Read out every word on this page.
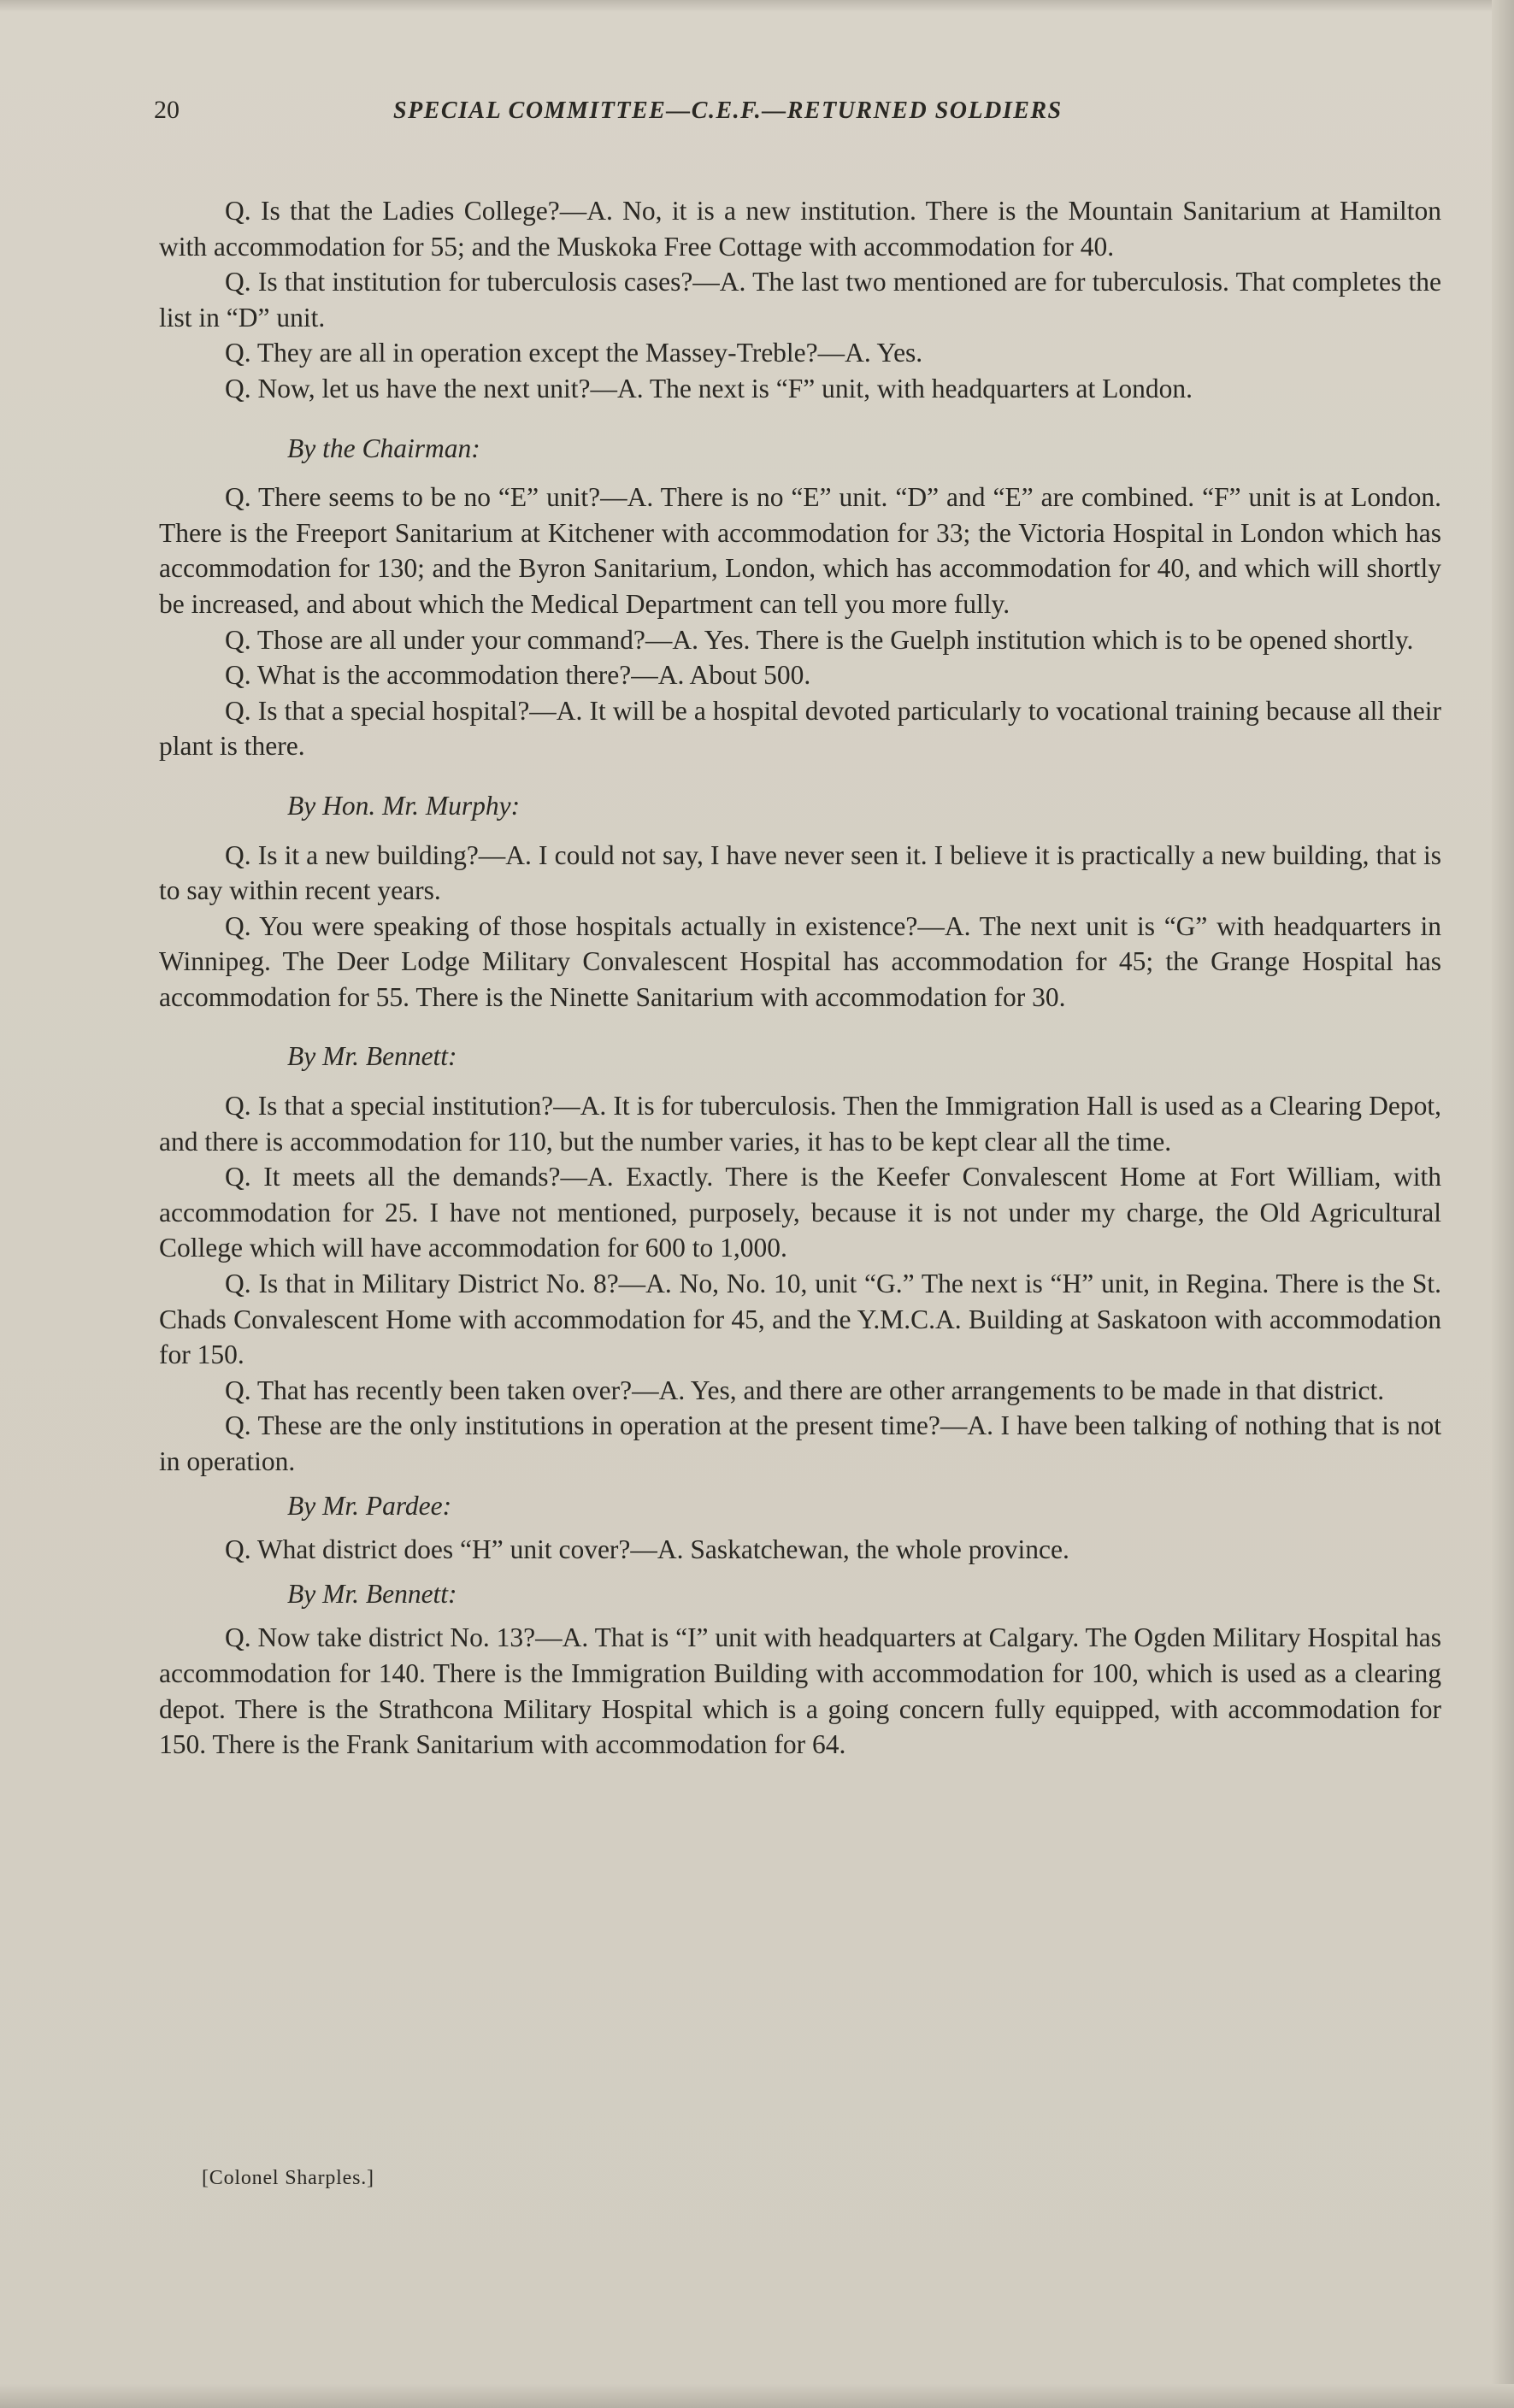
20	SPECIAL COMMITTEE—C.E.F.—RETURNED SOLDIERS

Q. Is that the Ladies College?—A. No, it is a new institution. There is the Mountain Sanitarium at Hamilton with accommodation for 55; and the Muskoka Free Cottage with accommodation for 40.

Q. Is that institution for tuberculosis cases?—A. The last two mentioned are for tuberculosis. That completes the list in “D” unit.

Q. They are all in operation except the Massey-Treble?—A. Yes.

Q. Now, let us have the next unit?—A. The next is “F” unit, with headquarters at London.

By the Chairman:

Q. There seems to be no “E” unit?—A. There is no “E” unit. “D” and “E” are combined. “F” unit is at London. There is the Freeport Sanitarium at Kitchener with accommodation for 33; the Victoria Hospital in London which has accommodation for 130; and the Byron Sanitarium, London, which has accommodation for 40, and which will shortly be increased, and about which the Medical Department can tell you more fully.

Q. Those are all under your command?—A. Yes. There is the Guelph institution which is to be opened shortly.

Q. What is the accommodation there?—A. About 500.

Q. Is that a special hospital?—A. It will be a hospital devoted particularly to vocational training because all their plant is there.

By Hon. Mr. Murphy:

Q. Is it a new building?—A. I could not say, I have never seen it. I believe it is practically a new building, that is to say within recent years.

Q. You were speaking of those hospitals actually in existence?—A. The next unit is “G” with headquarters in Winnipeg. The Deer Lodge Military Convalescent Hospital has accommodation for 45; the Grange Hospital has accommodation for 55. There is the Ninette Sanitarium with accommodation for 30.

By Mr. Bennett:

Q. Is that a special institution?—A. It is for tuberculosis. Then the Immigration Hall is used as a Clearing Depot, and there is accommodation for 110, but the number varies, it has to be kept clear all the time.

Q. It meets all the demands?—A. Exactly. There is the Keefer Convalescent Home at Fort William, with accommodation for 25. I have not mentioned, purposely, because it is not under my charge, the Old Agricultural College which will have accommodation for 600 to 1,000.

Q. Is that in Military District No. 8?—A. No, No. 10, unit “G.” The next is “H” unit, in Regina. There is the St. Chads Convalescent Home with accommodation for 45, and the Y.M.C.A. Building at Saskatoon with accommodation for 150.

Q. That has recently been taken over?—A. Yes, and there are other arrangements to be made in that district.

Q. These are the only institutions in operation at the present time?—A. I have been talking of nothing that is not in operation.

By Mr. Pardee:

Q. What district does “H” unit cover?—A. Saskatchewan, the whole province.

By Mr. Bennett:

Q. Now take district No. 13?—A. That is “I” unit with headquarters at Calgary. The Ogden Military Hospital has accommodation for 140. There is the Immigration Building with accommodation for 100, which is used as a clearing depot. There is the Strathcona Military Hospital which is a going concern fully equipped, with accommodation for 150. There is the Frank Sanitarium with accommodation for 64.

[Colonel Sharples.]
